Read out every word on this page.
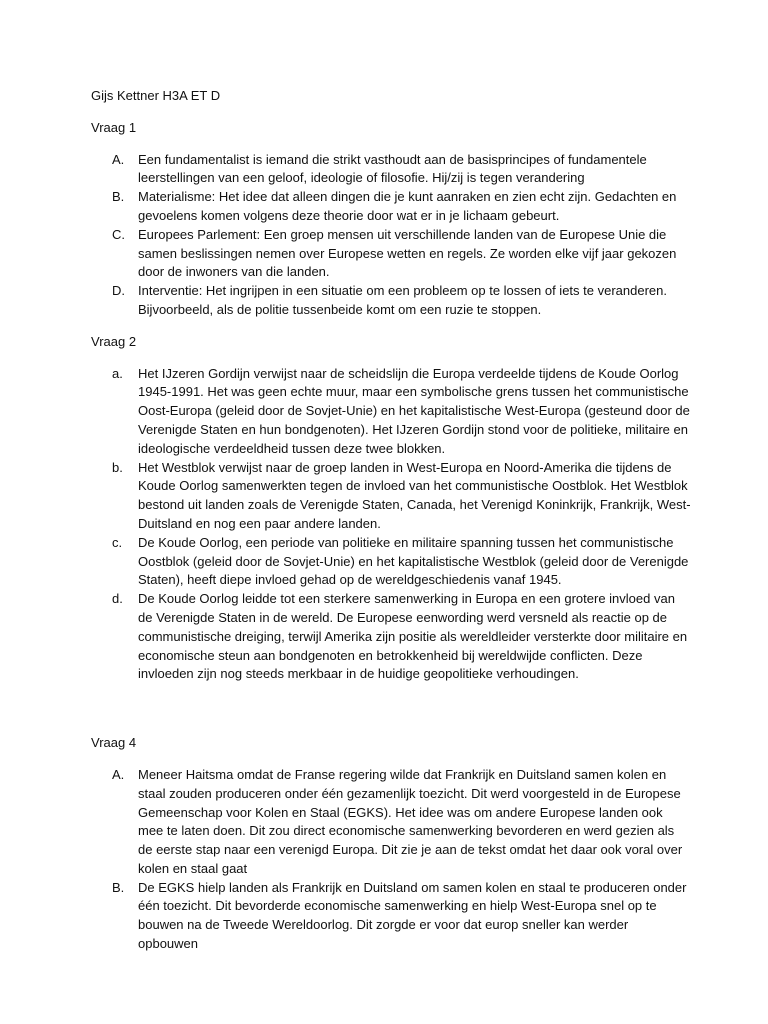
Gijs Kettner H3A ET D

Vraag 1

A. Een fundamentalist is iemand die strikt vasthoudt aan de basisprincipes of fundamentele leerstellingen van een geloof, ideologie of filosofie. Hij/zij is tegen verandering
B. Materialisme: Het idee dat alleen dingen die je kunt aanraken en zien echt zijn. Gedachten en gevoelens komen volgens deze theorie door wat er in je lichaam gebeurt.
C. Europees Parlement: Een groep mensen uit verschillende landen van de Europese Unie die samen beslissingen nemen over Europese wetten en regels. Ze worden elke vijf jaar gekozen door de inwoners van die landen.
D. Interventie: Het ingrijpen in een situatie om een probleem op te lossen of iets te veranderen. Bijvoorbeeld, als de politie tussenbeide komt om een ruzie te stoppen.

Vraag 2

a. Het IJzeren Gordijn verwijst naar de scheidslijn die Europa verdeelde tijdens de Koude Oorlog 1945-1991. Het was geen echte muur, maar een symbolische grens tussen het communistische Oost-Europa (geleid door de Sovjet-Unie) en het kapitalistische West-Europa (gesteund door de Verenigde Staten en hun bondgenoten). Het IJzeren Gordijn stond voor de politieke, militaire en ideologische verdeeldheid tussen deze twee blokken.
b. Het Westblok verwijst naar de groep landen in West-Europa en Noord-Amerika die tijdens de Koude Oorlog samenwerkten tegen de invloed van het communistische Oostblok. Het Westblok bestond uit landen zoals de Verenigde Staten, Canada, het Verenigd Koninkrijk, Frankrijk, West-Duitsland en nog een paar andere landen.
c. De Koude Oorlog, een periode van politieke en militaire spanning tussen het communistische Oostblok (geleid door de Sovjet-Unie) en het kapitalistische Westblok (geleid door de Verenigde Staten), heeft diepe invloed gehad op de wereldgeschiedenis vanaf 1945.
d. De Koude Oorlog leidde tot een sterkere samenwerking in Europa en een grotere invloed van de Verenigde Staten in de wereld. De Europese eenwording werd versneld als reactie op de communistische dreiging, terwijl Amerika zijn positie als wereldleider versterkte door militaire en economische steun aan bondgenoten en betrokkenheid bij wereldwijde conflicten. Deze invloeden zijn nog steeds merkbaar in de huidige geopolitieke verhoudingen.

Vraag 4

A. Meneer Haitsma omdat de Franse regering wilde dat Frankrijk en Duitsland samen kolen en staal zouden produceren onder één gezamenlijk toezicht. Dit werd voorgesteld in de Europese Gemeenschap voor Kolen en Staal (EGKS). Het idee was om andere Europese landen ook mee te laten doen. Dit zou direct economische samenwerking bevorderen en werd gezien als de eerste stap naar een verenigd Europa. Dit zie je aan de tekst omdat het daar ook voral over kolen en staal gaat
B. De EGKS hielp landen als Frankrijk en Duitsland om samen kolen en staal te produceren onder één toezicht. Dit bevorderde economische samenwerking en hielp West-Europa snel op te bouwen na de Tweede Wereldoorlog. Dit zorgde er voor dat europ sneller kan werder opbouwen
